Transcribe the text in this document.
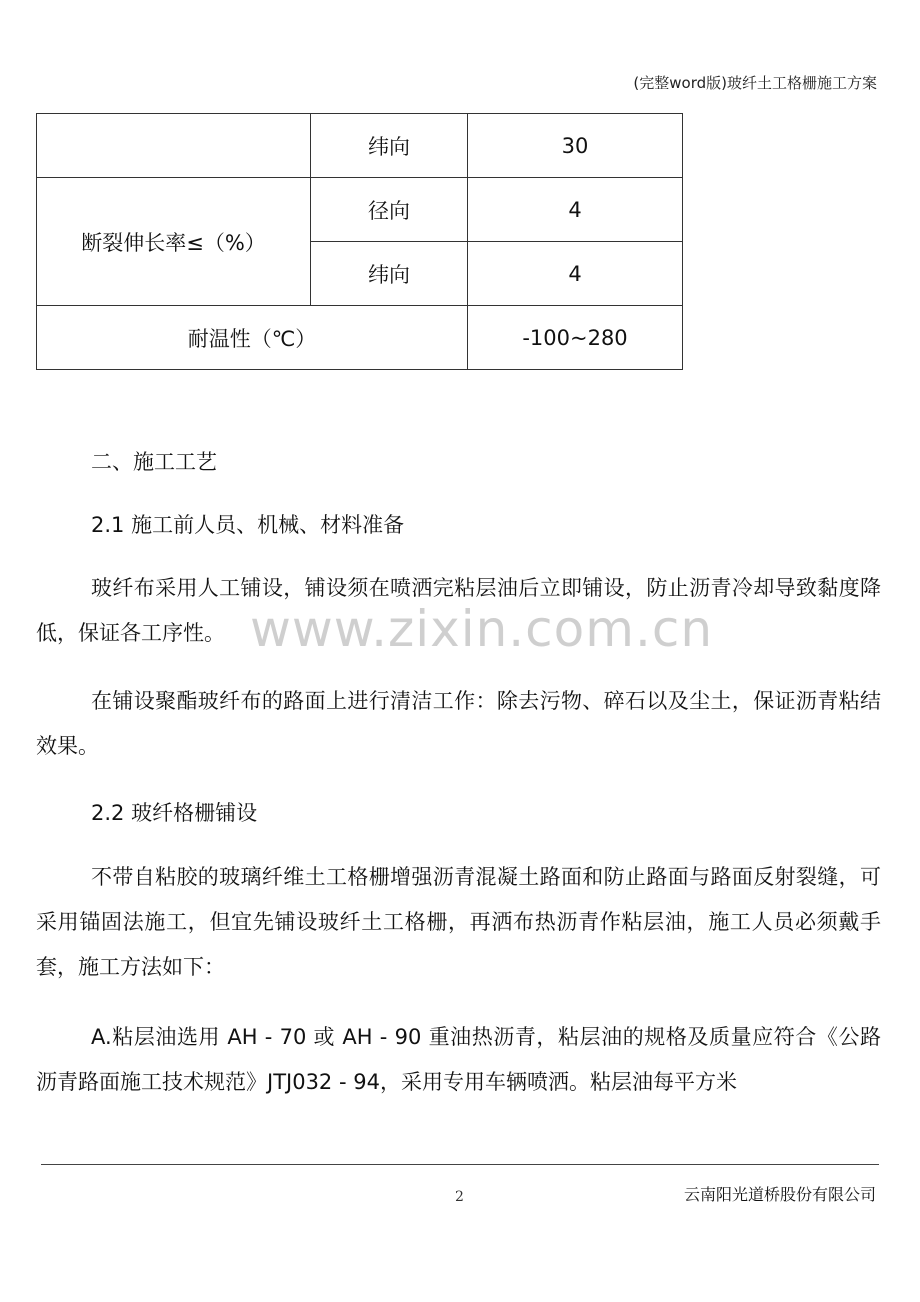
(完整word版)玻纤土工格栅施工方案
	纬向	30
断裂伸长率≤（%）	径向	4
	纬向	4
耐温性（℃）		-100~280
www.zixin.com.cn

二、施工工艺

2.1 施工前人员、机械、材料准备

玻纤布采用人工铺设，铺设须在喷洒完粘层油后立即铺设，防止沥青冷却导致黏度降低，保证各工序性。

在铺设聚酯玻纤布的路面上进行清洁工作：除去污物、碎石以及尘土，保证沥青粘结效果。

2.2 玻纤格栅铺设

不带自粘胶的玻璃纤维土工格栅增强沥青混凝土路面和防止路面与路面反射裂缝，可采用锚固法施工，但宜先铺设玻纤土工格栅，再洒布热沥青作粘层油，施工人员必须戴手套，施工方法如下：

A.粘层油选用 AH - 70 或 AH - 90 重油热沥青，粘层油的规格及质量应符合《公路沥青路面施工技术规范》JTJ032 - 94，采用专用车辆喷洒。粘层油每平方米

2	云南阳光道桥股份有限公司
